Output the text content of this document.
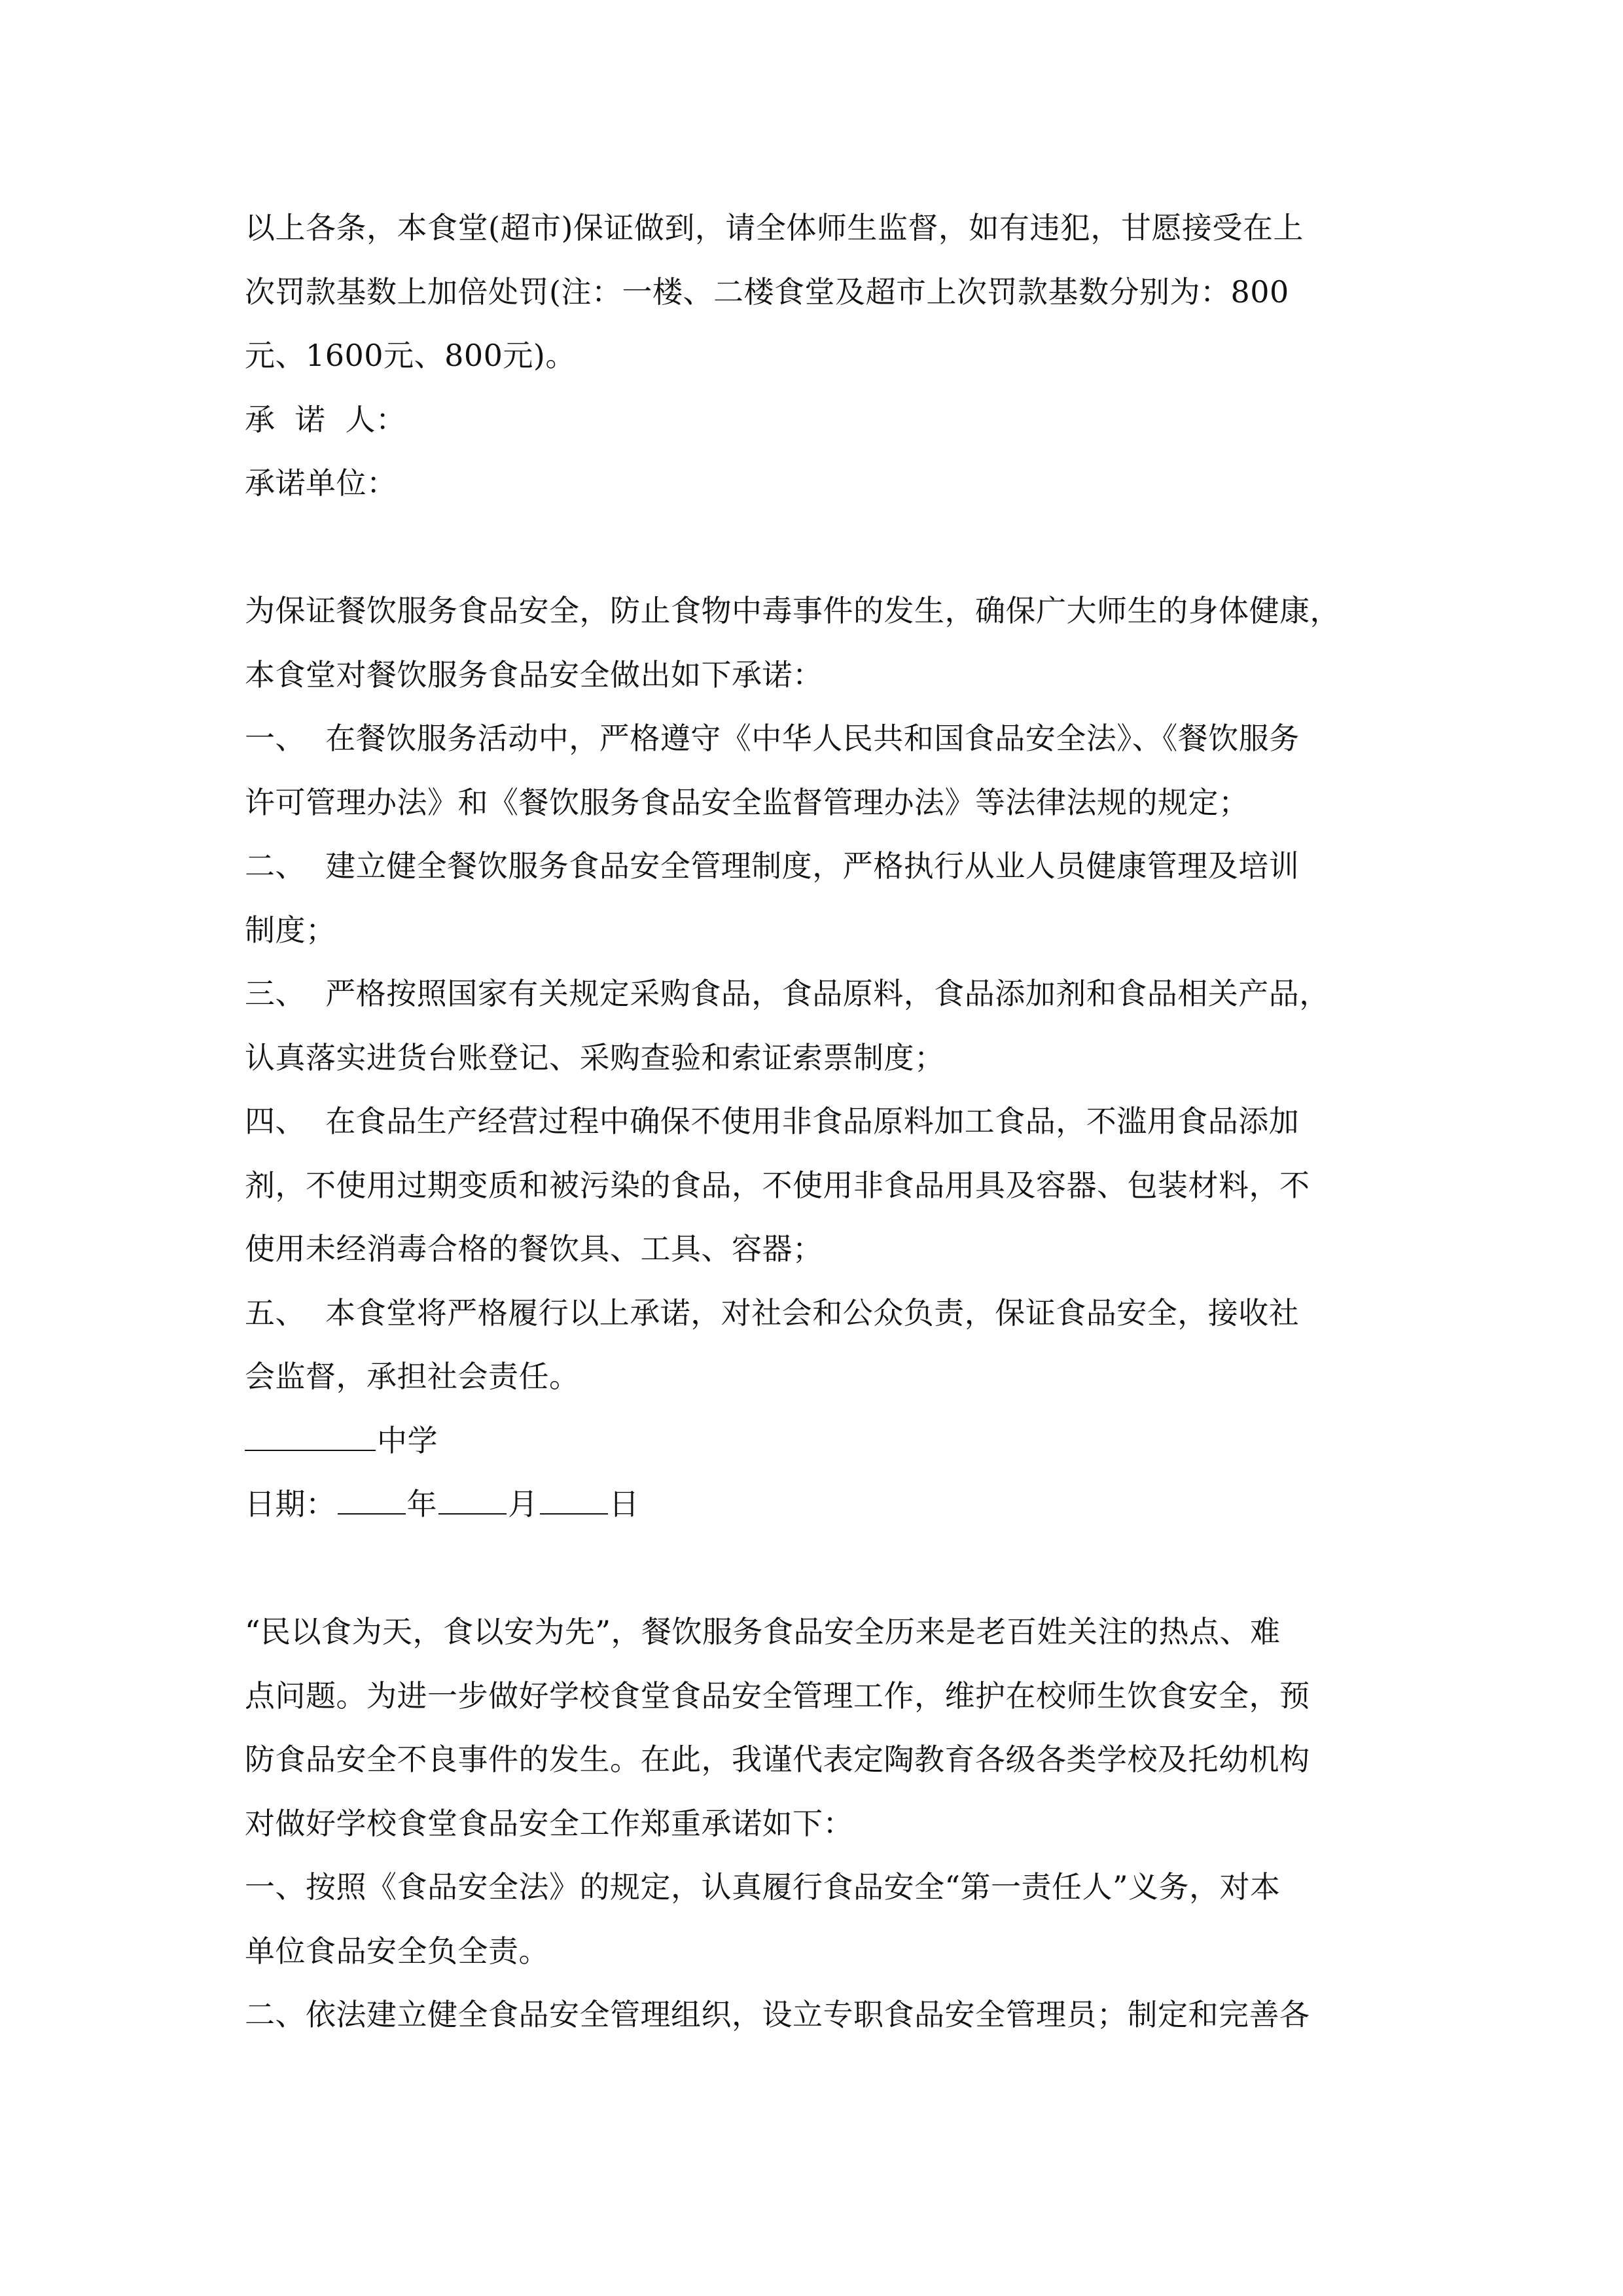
以上各条，本食堂(超市)保证做到，请全体师生监督，如有违犯，甘愿接受在上
次罚款基数上加倍处罚(注：一楼、二楼食堂及超市上次罚款基数分别为：800
元、1600元、800元)。
承  诺  人：
承诺单位：
为保证餐饮服务食品安全，防止食物中毒事件的发生，确保广大师生的身体健康，
本食堂对餐饮服务食品安全做出如下承诺：
一、  在餐饮服务活动中，严格遵守《中华人民共和国食品安全法》、《餐饮服务
许可管理办法》和《餐饮服务食品安全监督管理办法》等法律法规的规定；
二、  建立健全餐饮服务食品安全管理制度，严格执行从业人员健康管理及培训
制度；
三、  严格按照国家有关规定采购食品，食品原料，食品添加剂和食品相关产品，
认真落实进货台账登记、采购查验和索证索票制度；
四、  在食品生产经营过程中确保不使用非食品原料加工食品，不滥用食品添加
剂，不使用过期变质和被污染的食品，不使用非食品用具及容器、包装材料，不
使用未经消毒合格的餐饮具、工具、容器；
五、  本食堂将严格履行以上承诺，对社会和公众负责，保证食品安全，接收社
会监督，承担社会责任。
中学
日期： 年 月 日
“民以食为天，食以安为先”，餐饮服务食品安全历来是老百姓关注的热点、难
点问题。为进一步做好学校食堂食品安全管理工作，维护在校师生饮食安全，预
防食品安全不良事件的发生。在此，我谨代表定陶教育各级各类学校及托幼机构
对做好学校食堂食品安全工作郑重承诺如下：
一、按照《食品安全法》的规定，认真履行食品安全“第一责任人”义务，对本
单位食品安全负全责。
二、依法建立健全食品安全管理组织，设立专职食品安全管理员；制定和完善各
